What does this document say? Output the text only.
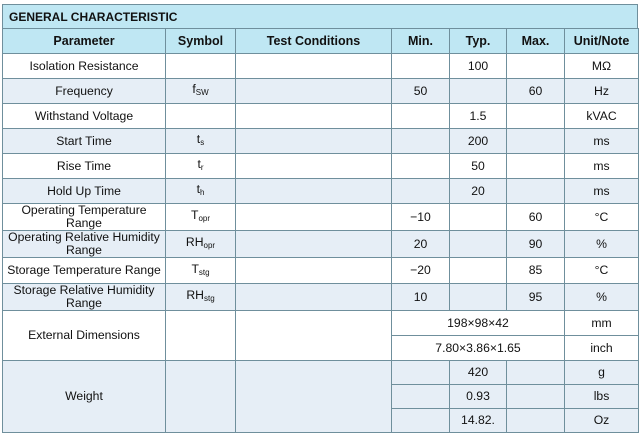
GENERAL CHARACTERISTIC
Parameter	Symbol	Test Conditions	Min.	Typ.	Max.	Unit/Note
Isolation Resistance				100		MΩ
Frequency	$f_{SW}$		50		60	Hz
Withstand Voltage				1.5		kVAC
Start Time	$t_s$			200		ms
Rise Time	$t_r$			50		ms
Hold Up Time	$t_h$			20		ms
Operating Temperature Range	$T_{opr}$		−10		60	°C
Operating Relative Humidity Range	$RH_{opr}$		20		90	%
Storage Temperature Range	$T_{stg}$		−20		85	°C
Storage Relative Humidity Range	$RH_{stg}$		10		95	%
External Dimensions			198×98×42			mm
			7.80×3.86×1.65			inch
Weight				420		g
				0.93		lbs
				14.82.		Oz
